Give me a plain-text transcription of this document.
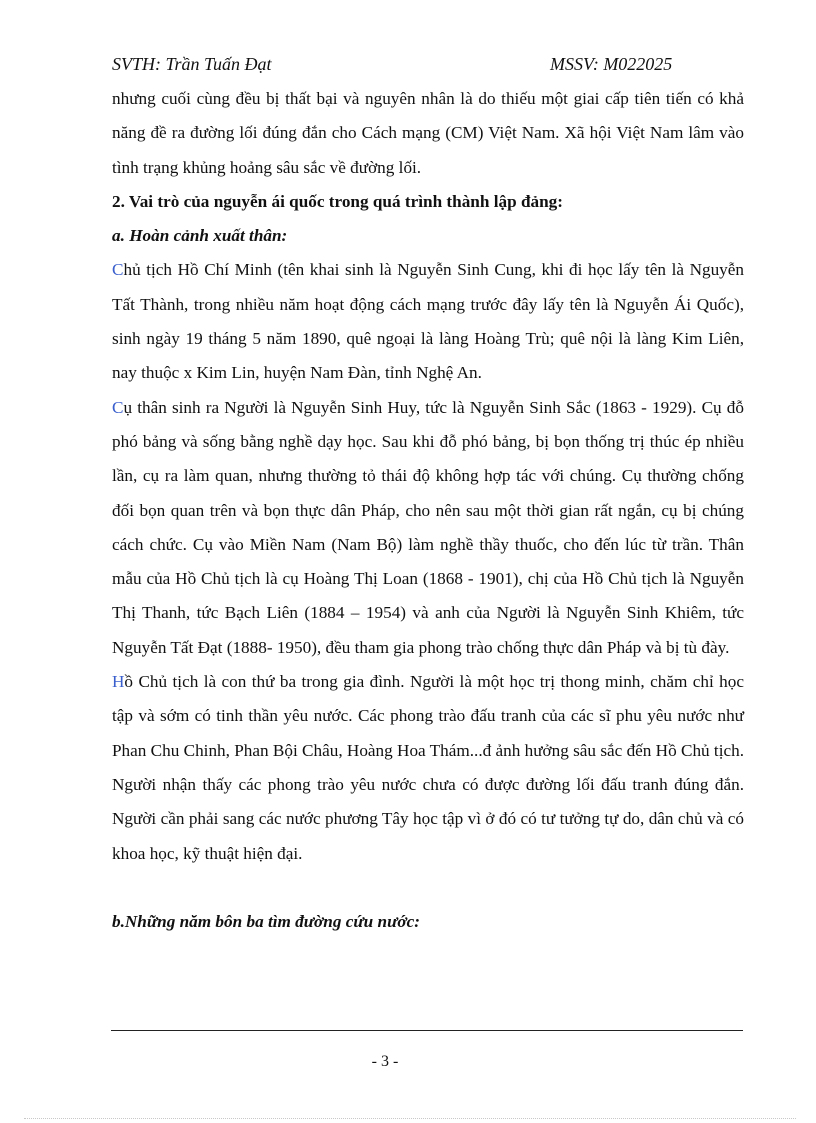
SVTH: Trần Tuấn Đạt	MSSV: M022025

nhưng cuối cùng đều bị thất bại và nguyên nhân là do thiếu một giai cấp tiên tiến có khả năng đề ra đường lối đúng đắn cho Cách mạng (CM) Việt Nam. Xã hội Việt Nam lâm vào tình trạng khủng hoảng sâu sắc về đường lối.

2. Vai trò của nguyễn ái quốc trong quá trình thành lập đảng:

a. Hoàn cảnh xuất thân:

Chủ tịch Hồ Chí Minh (tên khai sinh là Nguyễn Sinh Cung, khi đi học lấy tên là Nguyễn Tất Thành, trong nhiều năm hoạt động cách mạng trước đây lấy tên là Nguyễn Ái Quốc), sinh ngày 19 tháng 5 năm 1890, quê ngoại là làng Hoàng Trù; quê nội là làng Kim Liên, nay thuộc x Kim Lin, huyện Nam Đàn, tỉnh Nghệ An.

Cụ thân sinh ra Người là Nguyễn Sinh Huy, tức là Nguyễn Sinh Sắc (1863 - 1929). Cụ đỗ phó bảng và sống bằng nghề dạy học. Sau khi đỗ phó bảng, bị bọn thống trị thúc ép nhiều lần, cụ ra làm quan, nhưng thường tỏ thái độ không hợp tác với chúng. Cụ thường chống đối bọn quan trên và bọn thực dân Pháp, cho nên sau một thời gian rất ngắn, cụ bị chúng cách chức. Cụ vào Miền Nam (Nam Bộ) làm nghề thầy thuốc, cho đến lúc từ trần. Thân mẫu của Hồ Chủ tịch là cụ Hoàng Thị Loan (1868 - 1901), chị của Hồ Chủ tịch là Nguyễn Thị Thanh, tức Bạch Liên (1884 – 1954) và anh của Người là Nguyễn Sinh Khiêm, tức Nguyễn Tất Đạt (1888- 1950), đều tham gia phong trào chống thực dân Pháp và bị tù đày.

Hồ Chủ tịch là con thứ ba trong gia đình. Người là một học trị thong minh, chăm chỉ học tập và sớm có tinh thần yêu nước. Các phong trào đấu tranh của các sĩ phu yêu nước như Phan Chu Chinh, Phan Bội Châu, Hoàng Hoa Thám...đ ảnh hưởng sâu sắc đến Hồ Chủ tịch.

Người nhận thấy các phong trào yêu nước chưa có được đường lối đấu tranh đúng đắn. Người cần phải sang các nước phương Tây học tập vì ở đó có tư tưởng tự do, dân chủ và có khoa học, kỹ thuật hiện đại.

b.Những năm bôn ba tìm đường cứu nước:

- 3 -
